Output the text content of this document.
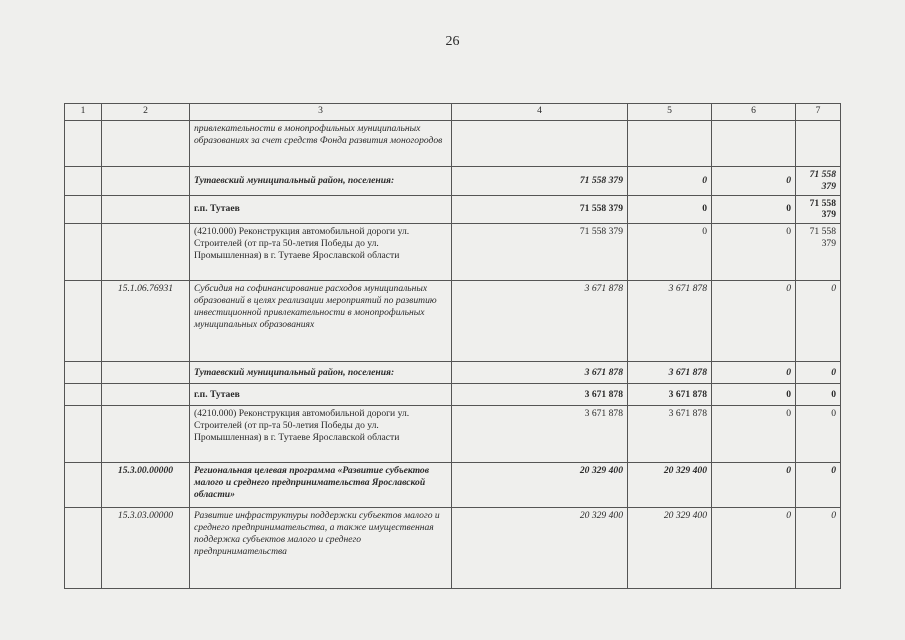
26
1	2	3	4	5	6	7
		привлекательности в монопрофильных муниципальных образованиях за счет средств Фонда развития моногородов				
		Тутаевский муниципальный район, поселения:	71 558 379	0	0	71 558 379
		г.п. Тутаев	71 558 379	0	0	71 558 379
		(4210.000) Реконструкция автомобильной дороги ул. Строителей (от пр-та 50-летия Победы до ул. Промышленная) в г. Тутаеве Ярославской области	71 558 379	0	0	71 558 379
	15.1.06.76931	Субсидия на софинансирование расходов муниципальных образований в целях реализации мероприятий по развитию инвестиционной привлекательности в монопрофильных муниципальных образованиях	3 671 878	3 671 878	0	0
		Тутаевский муниципальный район, поселения:	3 671 878	3 671 878	0	0
		г.п. Тутаев	3 671 878	3 671 878	0	0
		(4210.000) Реконструкция автомобильной дороги ул. Строителей (от пр-та 50-летия Победы до ул. Промышленная) в г. Тутаеве Ярославской области	3 671 878	3 671 878	0	0
	15.3.00.00000	Региональная целевая программа «Развитие субъектов малого и среднего предпринимательства Ярославской области»	20 329 400	20 329 400	0	0
	15.3.03.00000	Развитие инфраструктуры поддержки субъектов малого и среднего предпринимательства, а также имущественная поддержка субъектов малого и среднего предпринимательства	20 329 400	20 329 400	0	0
